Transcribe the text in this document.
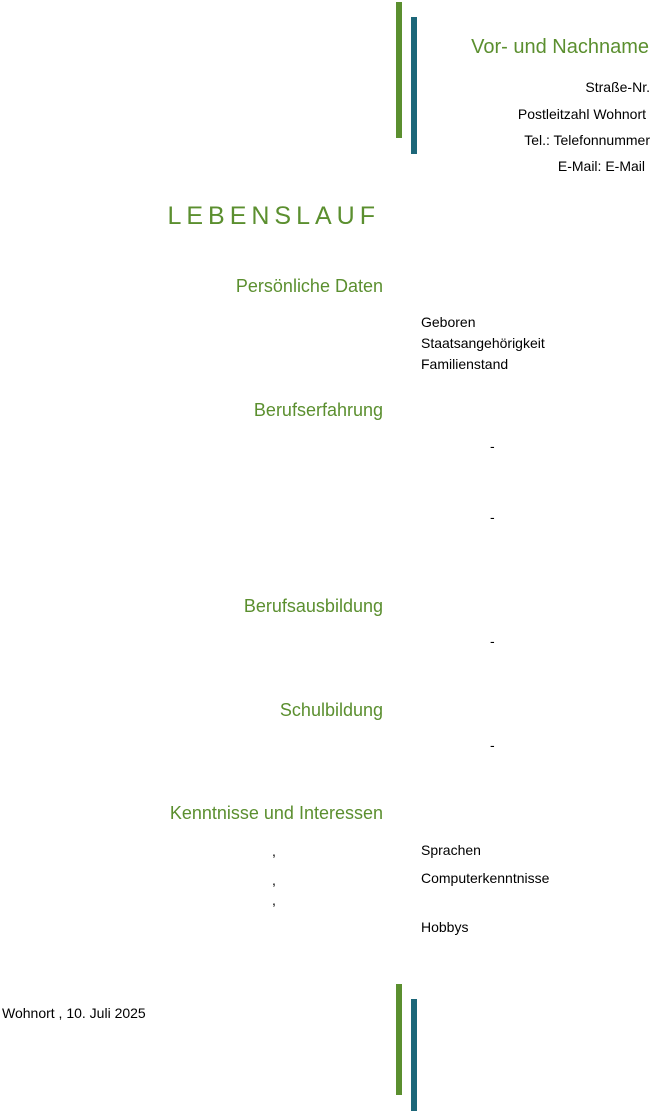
Vor- und Nachname
Straße-Nr.
Postleitzahl Wohnort
Tel.: Telefonnummer
E-Mail: E-Mail
LEBENSLAUF
Persönliche Daten
Geboren
Staatsangehörigkeit
Familienstand
Berufserfahrung
-
-
Berufsausbildung
-
Schulbildung
-
Kenntnisse und Interessen
,
,
,
Sprachen
Computerkenntnisse
Hobbys
Wohnort , 10. Juli 2025
